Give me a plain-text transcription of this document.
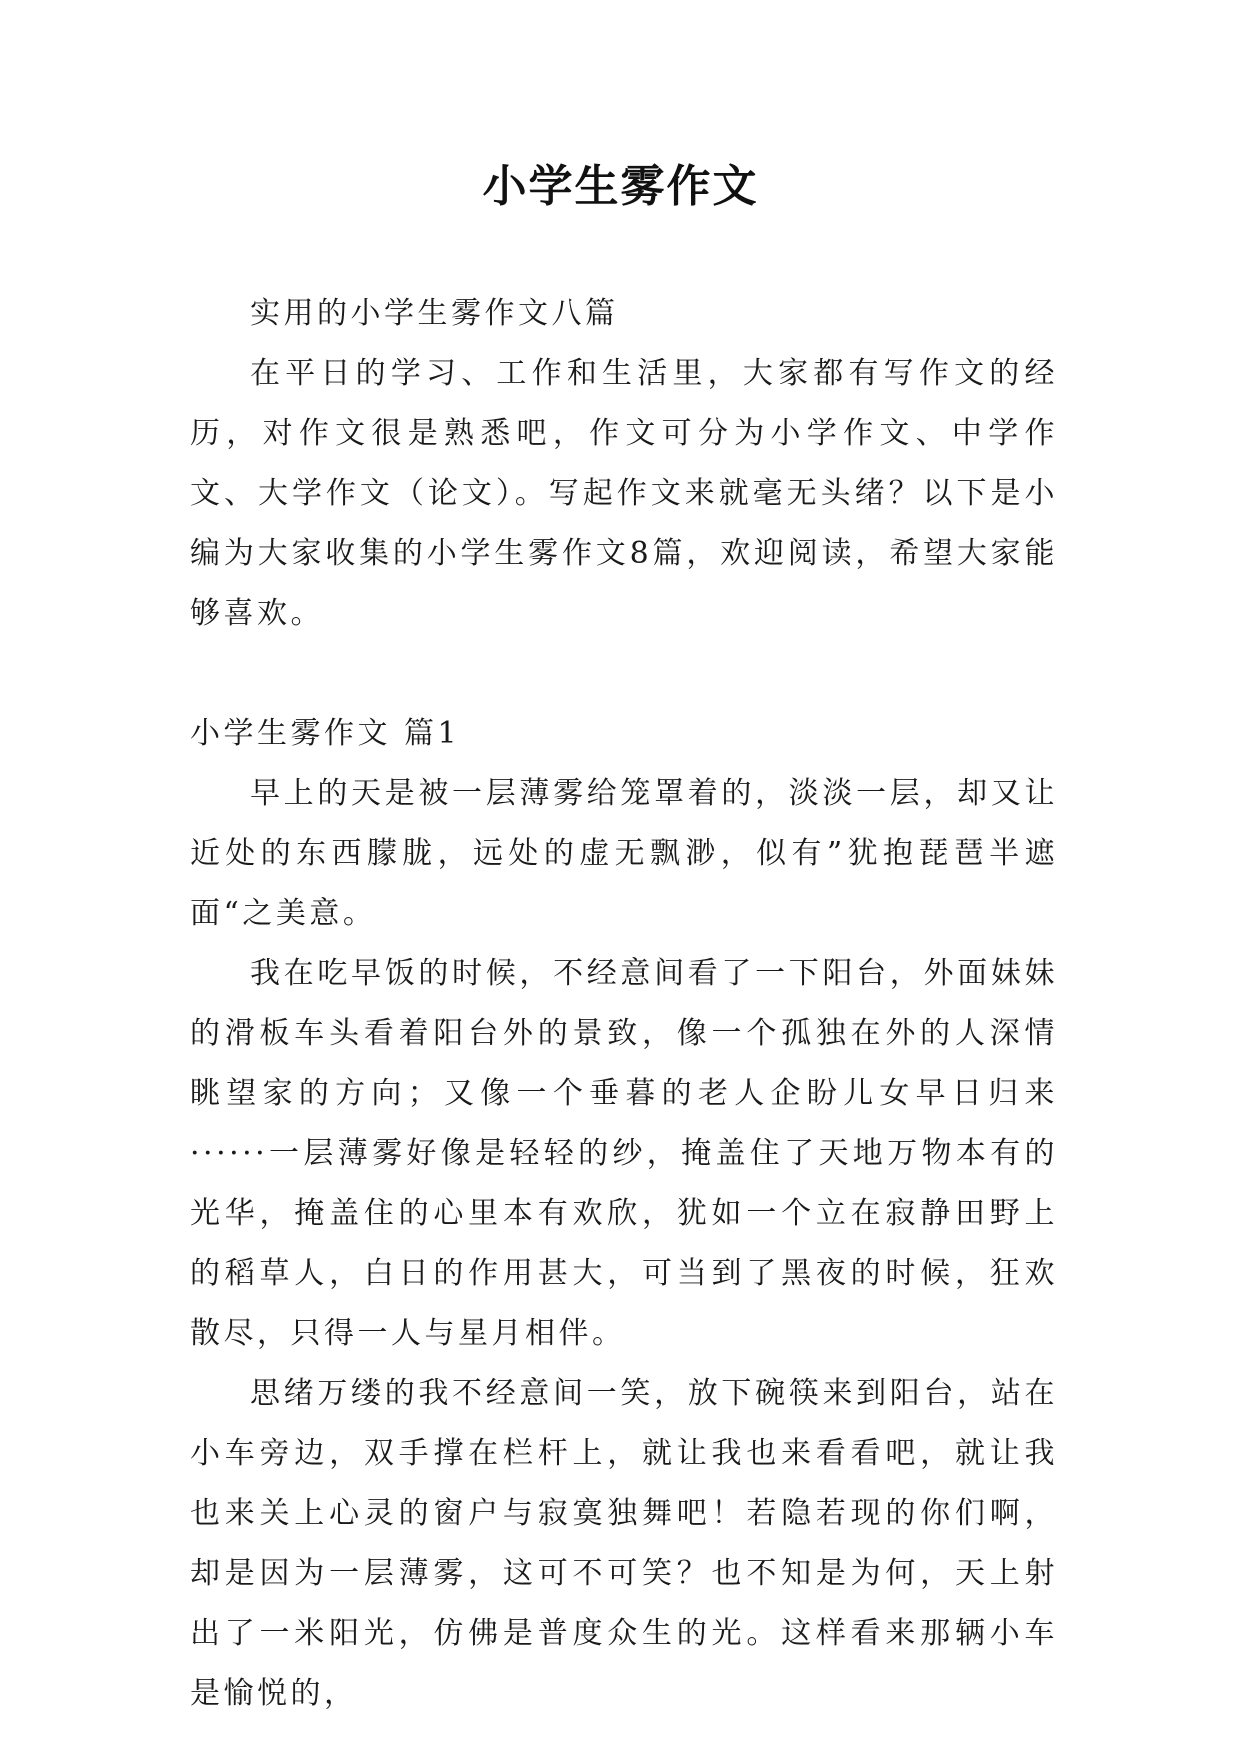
小学生雾作文

实用的小学生雾作文八篇

在平日的学习、工作和生活里，大家都有写作文的经历，对作文很是熟悉吧，作文可分为小学作文、中学作文、大学作文（论文）。写起作文来就毫无头绪？以下是小编为大家收集的小学生雾作文8篇，欢迎阅读，希望大家能够喜欢。

小学生雾作文 篇1

早上的天是被一层薄雾给笼罩着的，淡淡一层，却又让近处的东西朦胧，远处的虚无飘渺，似有”犹抱琵琶半遮面“之美意。

我在吃早饭的时候，不经意间看了一下阳台，外面妹妹的滑板车头看着阳台外的景致，像一个孤独在外的人深情眺望家的方向；又像一个垂暮的老人企盼儿女早日归来······一层薄雾好像是轻轻的纱，掩盖住了天地万物本有的光华，掩盖住的心里本有欢欣，犹如一个立在寂静田野上的稻草人，白日的作用甚大，可当到了黑夜的时候，狂欢散尽，只得一人与星月相伴。

思绪万缕的我不经意间一笑，放下碗筷来到阳台，站在小车旁边，双手撑在栏杆上，就让我也来看看吧，就让我也来关上心灵的窗户与寂寞独舞吧！若隐若现的你们啊，却是因为一层薄雾，这可不可笑？也不知是为何，天上射出了一米阳光，仿佛是普度众生的光。这样看来那辆小车是愉悦的，
